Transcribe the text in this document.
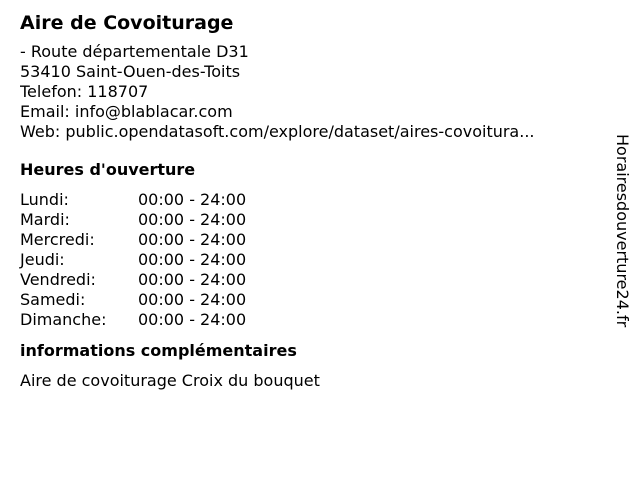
Aire de Covoiturage
- Route départementale D31
53410 Saint-Ouen-des-Toits
Telefon: 118707
Email: info@blablacar.com
Web: public.opendatasoft.com/explore/dataset/aires-covoitura...
Heures d'ouverture
Lundi:	00:00 - 24:00
Mardi:	00:00 - 24:00
Mercredi:	00:00 - 24:00
Jeudi:	00:00 - 24:00
Vendredi:	00:00 - 24:00
Samedi:	00:00 - 24:00
Dimanche:	00:00 - 24:00
informations complémentaires
Aire de covoiturage Croix du bouquet
Horairesdouverture24.fr
